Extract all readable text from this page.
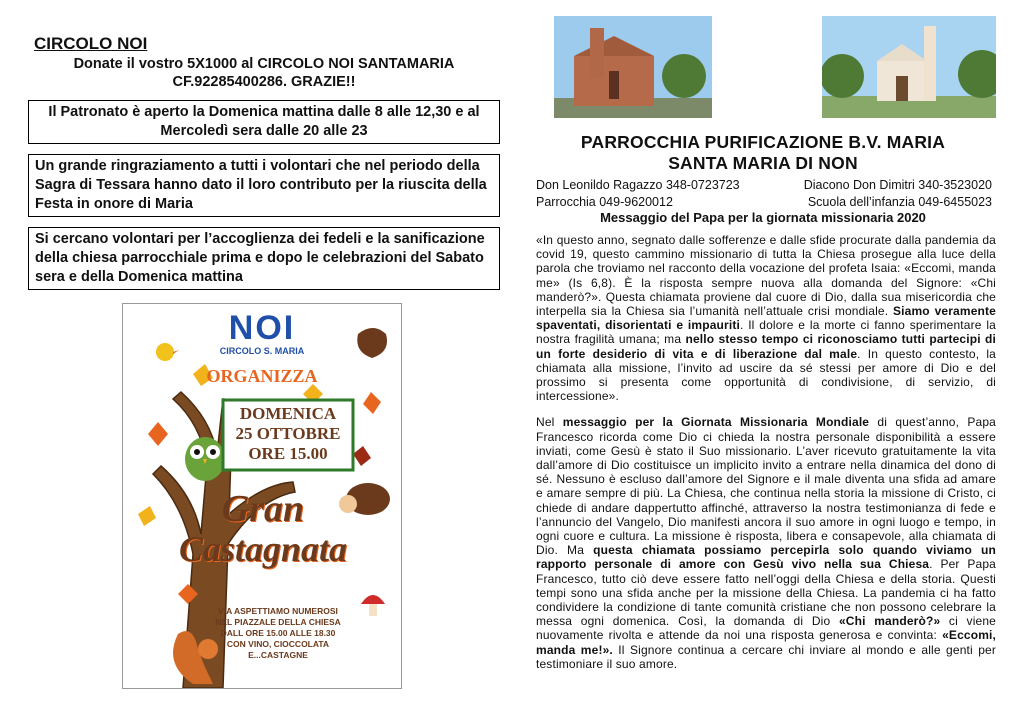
CIRCOLO NOI
Donate il vostro 5X1000 al CIRCOLO NOI SANTAMARIA
CF.92285400286. GRAZIE!!
Il Patronato è aperto la Domenica mattina dalle 8 alle 12,30 e al Mercoledì sera dalle 20 alle 23
Un grande ringraziamento a tutti i volontari che nel periodo della Sagra di Tessara hanno dato il loro contributo per la riuscita della Festa in onore di Maria
Si cercano volontari per l’accoglienza dei fedeli e la sanificazione della chiesa parrocchiale prima e dopo le celebrazioni del Sabato sera e della Domenica mattina
NOI
CIRCOLO S. MARIA
ORGANIZZA
DOMENICA
25 OTTOBRE
ORE 15.00
Gran
Castagnata
VIA ASPETTIAMO NUMEROSI
NEL PIAZZALE DELLA CHIESA
DALL ORE 15.00 ALLE 18.30
CON VINO, CIOCCOLATA
E...CASTAGNE
PARROCCHIA PURIFICAZIONE B.V. MARIA
SANTA MARIA DI NON
Don Leonildo Ragazzo 348-0723723	Diacono Don Dimitri 340-3523020
Parrocchia 049-9620012	Scuola dell’infanzia 049-6455023
Messaggio del Papa per la giornata missionaria 2020

«In questo anno, segnato dalle sofferenze e dalle sfide procurate dalla pandemia da covid 19, questo cammino missionario di tutta la Chiesa prosegue alla luce della parola che troviamo nel racconto della vocazione del profeta Isaia: «Eccomi, manda me» (Is 6,8). È la risposta sempre nuova alla domanda del Signore: «Chi manderò?». Questa chiamata proviene dal cuore di Dio, dalla sua misericordia che interpella sia la Chiesa sia l’umanità nell’attuale crisi mondiale. Siamo veramente spaventati, disorientati e impauriti. Il dolore e la morte ci fanno sperimentare la nostra fragilità umana; ma nello stesso tempo ci riconosciamo tutti partecipi di un forte desiderio di vita e di liberazione dal male. In questo contesto, la chiamata alla missione, l’invito ad uscire da sé stessi per amore di Dio e del prossimo si presenta come opportunità di condivisione, di servizio, di intercessione».

Nel messaggio per la Giornata Missionaria Mondiale di quest’anno, Papa Francesco ricorda come Dio ci chieda la nostra personale disponibilità a essere inviati, come Gesù è stato il Suo missionario. L’aver ricevuto gratuitamente la vita dall’amore di Dio costituisce un implicito invito a entrare nella dinamica del dono di sé. Nessuno è escluso dall’amore del Signore e il male diventa una sfida ad amare e amare sempre di più. La Chiesa, che continua nella storia la missione di Cristo, ci chiede di andare dappertutto affinché, attraverso la nostra testimonianza di fede e l’annuncio del Vangelo, Dio manifesti ancora il suo amore in ogni luogo e tempo, in ogni cuore e cultura. La missione è risposta, libera e consapevole, alla chiamata di Dio. Ma questa chiamata possiamo percepirla solo quando viviamo un rapporto personale di amore con Gesù vivo nella sua Chiesa. Per Papa Francesco, tutto ciò deve essere fatto nell’oggi della Chiesa e della storia. Questi tempi sono una sfida anche per la missione della Chiesa. La pandemia ci ha fatto condividere la condizione di tante comunità cristiane che non possono celebrare la messa ogni domenica. Così, la domanda di Dio «Chi manderò?» ci viene nuovamente rivolta e attende da noi una risposta generosa e convinta: «Eccomi, manda me!». Il Signore continua a cercare chi inviare al mondo e alle genti per testimoniare il suo amore.
